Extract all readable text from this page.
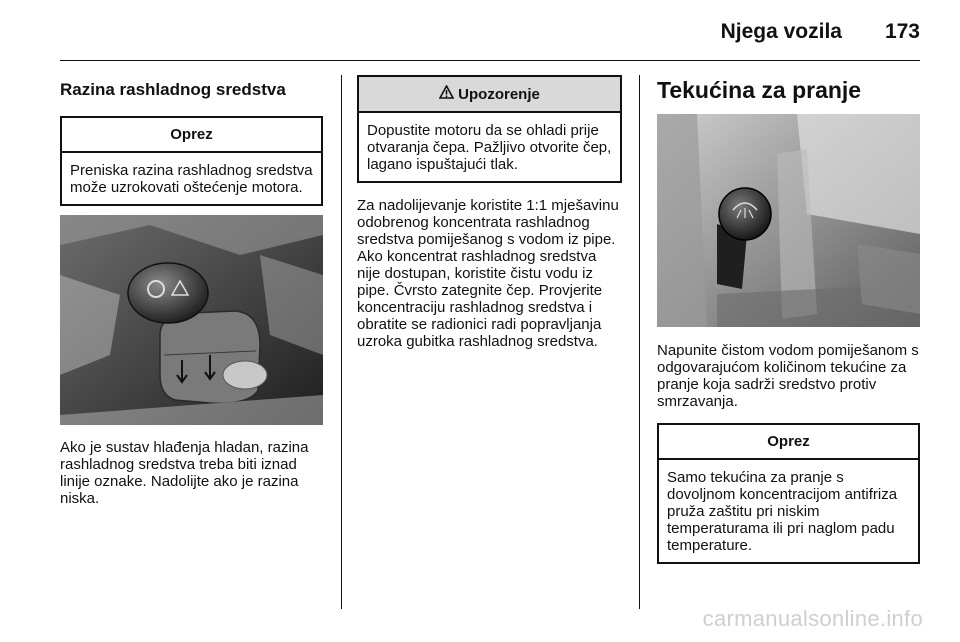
Njega vozila 173
Razina rashladnog sredstva
Oprez
Preniska razina rashladnog sredstva može uzrokovati oštećenje motora.
Ako je sustav hlađenja hladan, razina rashladnog sredstva treba biti iznad linije oznake. Nadolijte ako je razina niska.
Upozorenje
Dopustite motoru da se ohladi prije otvaranja čepa. Pažljivo otvorite čep, lagano ispuštajući tlak.
Za nadolijevanje koristite 1:1 mješavinu odobrenog koncentrata rashladnog sredstva pomiješanog s vodom iz pipe. Ako koncentrat rashladnog sredstva nije dostupan, koristite čistu vodu iz pipe. Čvrsto zategnite čep. Provjerite koncentraciju rashladnog sredstva i obratite se radionici radi popravljanja uzroka gubitka rashladnog sredstva.
Tekućina za pranje
Napunite čistom vodom pomiješanom s odgovarajućom količinom tekućine za pranje koja sadrži sredstvo protiv smrzavanja.
Oprez
Samo tekućina za pranje s dovoljnom koncentracijom antifriza pruža zaštitu pri niskim temperaturama ili pri naglom padu temperature.
carmanualsonline.info
